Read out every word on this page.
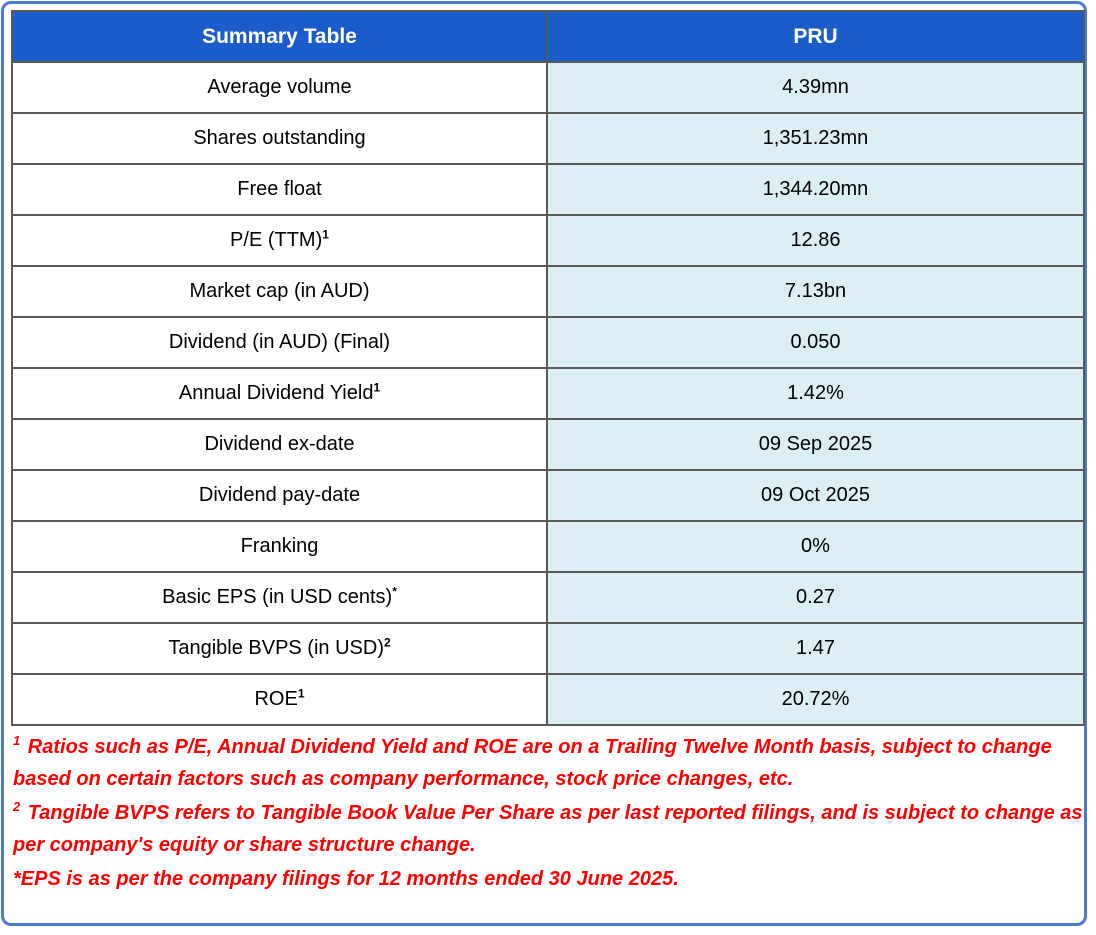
Summary Table	PRU
Average volume	4.39mn
Shares outstanding	1,351.23mn
Free float	1,344.20mn
P/E (TTM)$^1$	12.86
Market cap (in AUD)	7.13bn
Dividend (in AUD) (Final)	0.050
Annual Dividend Yield$^1$	1.42%
Dividend ex-date	09 Sep 2025
Dividend pay-date	09 Oct 2025
Franking	0%
Basic EPS (in USD cents)*	0.27
Tangible BVPS (in USD)$^2$	1.47
ROE$^1$	20.72%
$^1$ Ratios such as P/E, Annual Dividend Yield and ROE are on a Trailing Twelve Month basis, subject to change
based on certain factors such as company performance, stock price changes, etc.
$^2$ Tangible BVPS refers to Tangible Book Value Per Share as per last reported filings, and is subject to change as
per company's equity or share structure change.
*EPS is as per the company filings for 12 months ended 30 June 2025.
